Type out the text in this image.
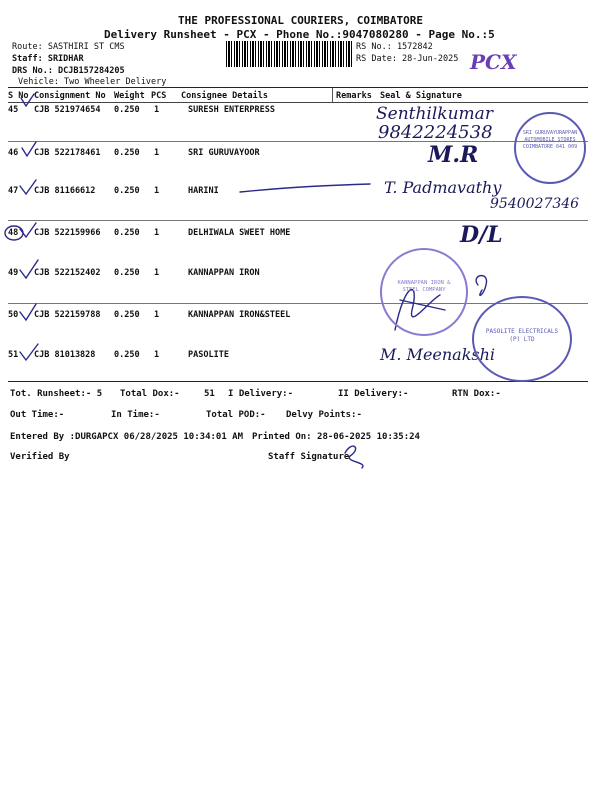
THE PROFESSIONAL COURIERS, COIMBATORE
Delivery Runsheet - PCX - Phone No.:9047080280 - Page No.:5
Route: SASTHIRI ST CMS
Staff: SRIDHAR
DRS No.: DCJB157284205
Vehicle: Two Wheeler Delivery
RS No.: 1572842
RS Date: 28-Jun-2025 PCX
S No Consignment No Weight PCS Consignee Details	Remarks Seal & Signature
45 CJB 521974654 0.250 1	SURESH ENTERPRESS
46 CJB 522178461 0.250 1	SRI GURUVAYOOR
47 CJB 81166612 0.250 1	HARINI
48 CJB 522159966 0.250 1	DELHIWALA SWEET HOME
49 CJB 522152402 0.250 1	KANNAPPAN IRON
50 CJB 522159788 0.250 1	KANNAPPAN IRON&STEEL
51 CJB 81013828 0.250 1	PASOLITE
Senthilkumar
9842224538
M.R
T. Padmavathy
9540027346
D/L
M. Meenakshi
SRI GURUVAYURAPPAN AUTOMOBILE STORES COIMBATORE 641 009
KANNAPPAN IRON & STEEL COMPANY
PASOLITE ELECTRICALS (P) LTD
Tot. Runsheet:- 5 Total Dox:-	51 I Delivery:-	II Delivery:-	RTN Dox:-
Out Time:-	In Time:-	Total POD:- Delvy Points:-
Entered By :DURGAPCX 06/28/2025 10:34:01 AM Printed On: 28-06-2025 10:35:24
Verified By	Staff Signature
